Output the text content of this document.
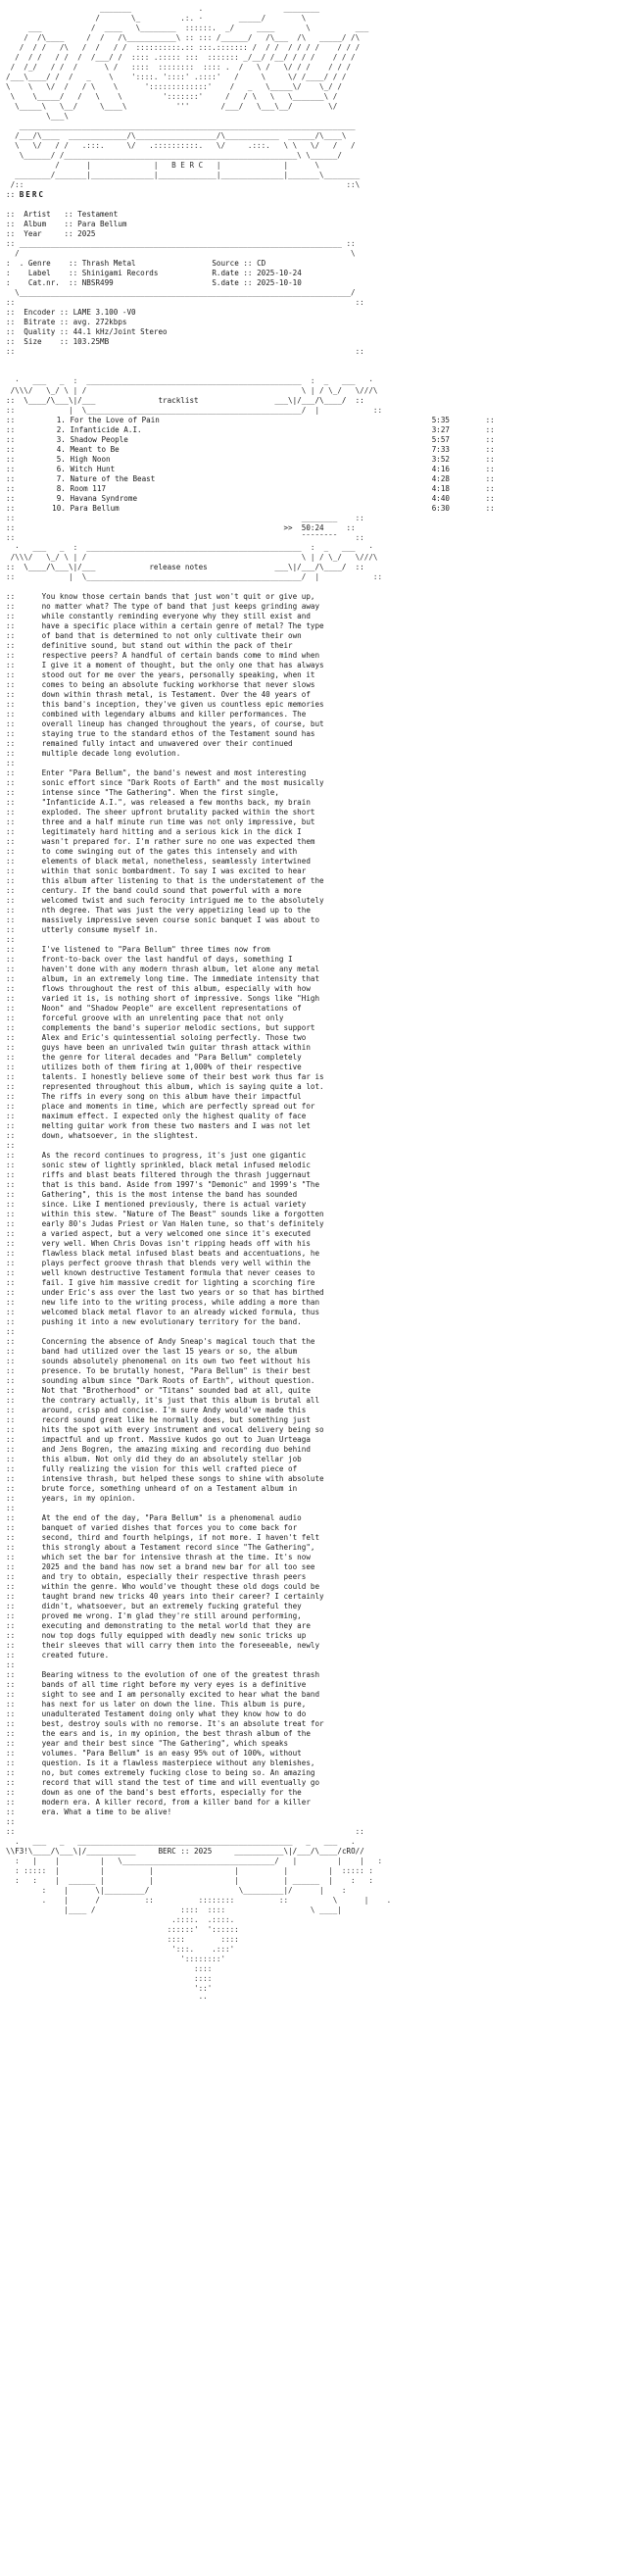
_______               .                  ________
/       \_         .:. ·        _____/        \
___           /  ____   \________  ::::::.  _/     ____       \          ___
/  /\____     /  /   /\___________\ :: ::: /______/   /\___  /\   _____/ /\
/  / /   /\   /  /   / /  ::::::::::.:: :::.::::::: /  / /  / / / /    / / /
/  / /   / /  /  /___/ /  :::: .::::: :::  ::::::: _/__/ /__/ / / /    / / /
/  /_/   / /  /      \ /   ::::  ::::::::  :::: .  /   \ /   \/ / /    / / /
/___\____/ /  /   _    \    '::::. '::::' .::::'   /     \     \/ /____/ / /
\    \   \/  /   / \    \      ':::::::::::::'    /   _   \_____\/    \_/ /
\    \_____/   /   \    \         ':::::::'     /   / \   \   \_______\ /
\_____\   \__/     \____\           '''       /___/   \___\__/        \/
\___\
___________________________________________________________________________
/___/\____  _____________/\__________________/\____________  ______/\____\
\   \/   / /   .:::.     \/   .::::::::::.   \/     .:::.   \ \   \/   /   /
\______/ /____________________________________________________\ \______/
/      |              |   B E R C   |              |      \
________/_______|______________|_____________|______________|_______\________
/::                                                                        ::\
:: BERC
::  Artist   :: Testament
::  Album    :: Para Bellum
::  Year     :: 2025
:: ________________________________________________________________________ ::
/                                                                          \
:  . Genre    :: Thrash Metal	Source :: CD
:    Label    :: Shinigami Records	R.date :: 2025-10-24
:    Cat.nr.  :: NBSR499	S.date :: 2025-10-10
\__________________________________________________________________________/
::                                                                            ::
::  Encoder :: LAME 3.100 -V0
::  Bitrate :: avg. 272kbps
::  Quality :: 44.1 kHz/Joint Stereo
::  Size    :: 103.25MB
::                                                                            ::
·   ___   _  :  ________________________________________________  :  _   ___   ·
/\\\/   \_/ \ | /                                                \ | / \_/   \///\
::  \____/\___\|/___              tracklist                 ___\|/___/\____/  ::
::            |  \________________________________________________/  |            ::
::      1. For the Love of Pain	5:35        ::
::      2. Infanticide A.I.	3:27        ::
::      3. Shadow People	5:57        ::
::      4. Meant to Be	7:33        ::
::      5. High Noon	3:52        ::
::      6. Witch Hunt	4:16        ::
::      7. Nature of the Beast	4:28        ::
::      8. Room 117	4:18        ::
::      9. Havana Syndrome	4:40        ::
::      10. Para Bellum	6:30        ::
::                                                                ________    ::
::                                                            >>  50:24     ::
::                                                                ¯¯¯¯¯¯¯¯    ::
·   ___   _  :  ________________________________________________  :  _   ___   ·
/\\\/   \_/ \ | /                                                \ | / \_/   \///\
::  \____/\___\|/___            release notes               ___\|/___/\____/  ::
::            |  \________________________________________________/  |            ::
::      You know those certain bands that just won't quit or give up,
::      no matter what? The type of band that just keeps grinding away
::      while constantly reminding everyone why they still exist and
::      have a specific place within a certain genre of metal? The type
::      of band that is determined to not only cultivate their own
::      definitive sound, but stand out within the pack of their
::      respective peers? A handful of certain bands come to mind when
::      I give it a moment of thought, but the only one that has always
::      stood out for me over the years, personally speaking, when it
::      comes to being an absolute fucking workhorse that never slows
::      down within thrash metal, is Testament. Over the 40 years of
::      this band's inception, they've given us countless epic memories
::      combined with legendary albums and killer performances. The
::      overall lineup has changed throughout the years, of course, but
::      staying true to the standard ethos of the Testament sound has
::      remained fully intact and unwavered over their continued
::      multiple decade long evolution.
::
::      Enter "Para Bellum", the band's newest and most interesting
::      sonic effort since "Dark Roots of Earth" and the most musically
::      intense since "The Gathering". When the first single,
::      "Infanticide A.I.", was released a few months back, my brain
::      exploded. The sheer upfront brutality packed within the short
::      three and a half minute run time was not only impressive, but
::      legitimately hard hitting and a serious kick in the dick I
::      wasn't prepared for. I'm rather sure no one was expected them
::      to come swinging out of the gates this intensely and with
::      elements of black metal, nonetheless, seamlessly intertwined
::      within that sonic bombardment. To say I was excited to hear
::      this album after listening to that is the understatement of the
::      century. If the band could sound that powerful with a more
::      welcomed twist and such ferocity intrigued me to the absolutely
::      nth degree. That was just the very appetizing lead up to the
::      massively impressive seven course sonic banquet I was about to
::      utterly consume myself in.
::
::      I've listened to "Para Bellum" three times now from
::      front-to-back over the last handful of days, something I
::      haven't done with any modern thrash album, let alone any metal
::      album, in an extremely long time. The immediate intensity that
::      flows throughout the rest of this album, especially with how
::      varied it is, is nothing short of impressive. Songs like "High
::      Noon" and "Shadow People" are excellent representations of
::      forceful groove with an unrelenting pace that not only
::      complements the band's superior melodic sections, but support
::      Alex and Eric's quintessential soloing perfectly. Those two
::      guys have been an unrivaled twin guitar thrash attack within
::      the genre for literal decades and "Para Bellum" completely
::      utilizes both of them firing at 1,000% of their respective
::      talents. I honestly believe some of their best work thus far is
::      represented throughout this album, which is saying quite a lot.
::      The riffs in every song on this album have their impactful
::      place and moments in time, which are perfectly spread out for
::      maximum effect. I expected only the highest quality of face
::      melting guitar work from these two masters and I was not let
::      down, whatsoever, in the slightest.
::
::      As the record continues to progress, it's just one gigantic
::      sonic stew of lightly sprinkled, black metal infused melodic
::      riffs and blast beats filtered through the thrash juggernaut
::      that is this band. Aside from 1997's "Demonic" and 1999's "The
::      Gathering", this is the most intense the band has sounded
::      since. Like I mentioned previously, there is actual variety
::      within this stew. "Nature of The Beast" sounds like a forgotten
::      early 80's Judas Priest or Van Halen tune, so that's definitely
::      a varied aspect, but a very welcomed one since it's executed
::      very well. When Chris Dovas isn't ripping heads off with his
::      flawless black metal infused blast beats and accentuations, he
::      plays perfect groove thrash that blends very well within the
::      well known destructive Testament formula that never ceases to
::      fail. I give him massive credit for lighting a scorching fire
::      under Eric's ass over the last two years or so that has birthed
::      new life into to the writing process, while adding a more than
::      welcomed black metal flavor to an already wicked formula, thus
::      pushing it into a new evolutionary territory for the band.
::
::      Concerning the absence of Andy Sneap's magical touch that the
::      band had utilized over the last 15 years or so, the album
::      sounds absolutely phenomenal on its own two feet without his
::      presence. To be brutally honest, "Para Bellum" is their best
::      sounding album since "Dark Roots of Earth", without question.
::      Not that "Brotherhood" or "Titans" sounded bad at all, quite
::      the contrary actually, it's just that this album is brutal all
::      around, crisp and concise. I'm sure Andy would've made this
::      record sound great like he normally does, but something just
::      hits the spot with every instrument and vocal delivery being so
::      impactful and up front. Massive kudos go out to Juan Urteaga
::      and Jens Bogren, the amazing mixing and recording duo behind
::      this album. Not only did they do an absolutely stellar job
::      fully realizing the vision for this well crafted piece of
::      intensive thrash, but helped these songs to shine with absolute
::      brute force, something unheard of on a Testament album in
::      years, in my opinion.
::
::      At the end of the day, "Para Bellum" is a phenomenal audio
::      banquet of varied dishes that forces you to come back for
::      second, third and fourth helpings, if not more. I haven't felt
::      this strongly about a Testament record since "The Gathering",
::      which set the bar for intensive thrash at the time. It's now
::      2025 and the band has now set a brand new bar for all too see
::      and try to obtain, especially their respective thrash peers
::      within the genre. Who would've thought these old dogs could be
::      taught brand new tricks 40 years into their career? I certainly
::      didn't, whatsoever, but an extremely fucking grateful they
::      proved me wrong. I'm glad they're still around performing,
::      executing and demonstrating to the metal world that they are
::      now top dogs fully equipped with deadly new sonic tricks up
::      their sleeves that will carry them into the foreseeable, newly
::      created future.
::
::      Bearing witness to the evolution of one of the greatest thrash
::      bands of all time right before my very eyes is a definitive
::      sight to see and I am personally excited to hear what the band
::      has next for us later on down the line. This album is pure,
::      unadulterated Testament doing only what they know how to do
::      best, destroy souls with no remorse. It's an absolute treat for
::      the ears and is, in my opinion, the best thrash album of the
::      year and their best since "The Gathering", which speaks
::      volumes. "Para Bellum" is an easy 95% out of 100%, without
::      question. Is it a flawless masterpiece without any blemishes,
::      no, but comes extremely fucking close to being so. An amazing
::      record that will stand the test of time and will eventually go
::      down as one of the band's best efforts, especially for the
::      modern era. A killer record, from a killer band for a killer
::      era. What a time to be alive!
::
::                                                                            ::
.   ___   _   ________________________________________________   _   ___   .
\\F3!\____/\___\|/___________     BERC :: 2025     ___________\|/___/\____/cRO//
:   |    |         |   \__________________________________/   |         |    |   :
: :::::  |         |          |                  |          |         |  ::::: :
:   :    |  ______ |          |                  |          | ______  |    :   :
:    |      \|_________/                    \_________|/      |    :
.    |      /          ::          ::::::::          ::          \      |    .
|____ /                   ::::  ::::                   \ ____|
.::::.  .::::.
::::::'  '::::::
::::        ::::
':::.    .:::'
'::::::::'
::::
::::
'::'
··
